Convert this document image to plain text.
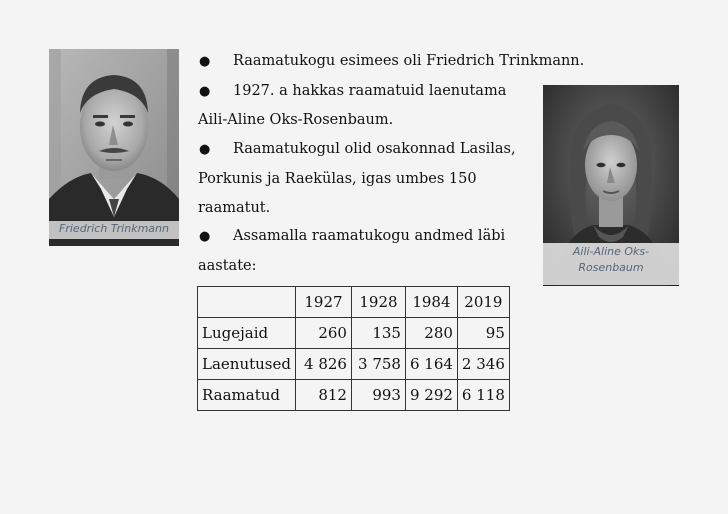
Friedrich Trinkmann
Aili-Aline Oks-Rosenbaum
● Raamatukogu esimees oli Friedrich Trinkmann.
● 1927. a hakkas raamatuid laenutama
Aili-Aline Oks-Rosenbaum.
● Raamatukogul olid osakonnad Lasilas,
Porkunis ja Raekülas, igas umbes 150
raamatut.
● Assamalla raamatukogu andmed läbi
aastate:
	1927	1928	1984	2019
Lugejaid	260	135	280	95
Laenutused	4 826	3 758	6 164	2 346
Raamatud	812	993	9 292	6 118
